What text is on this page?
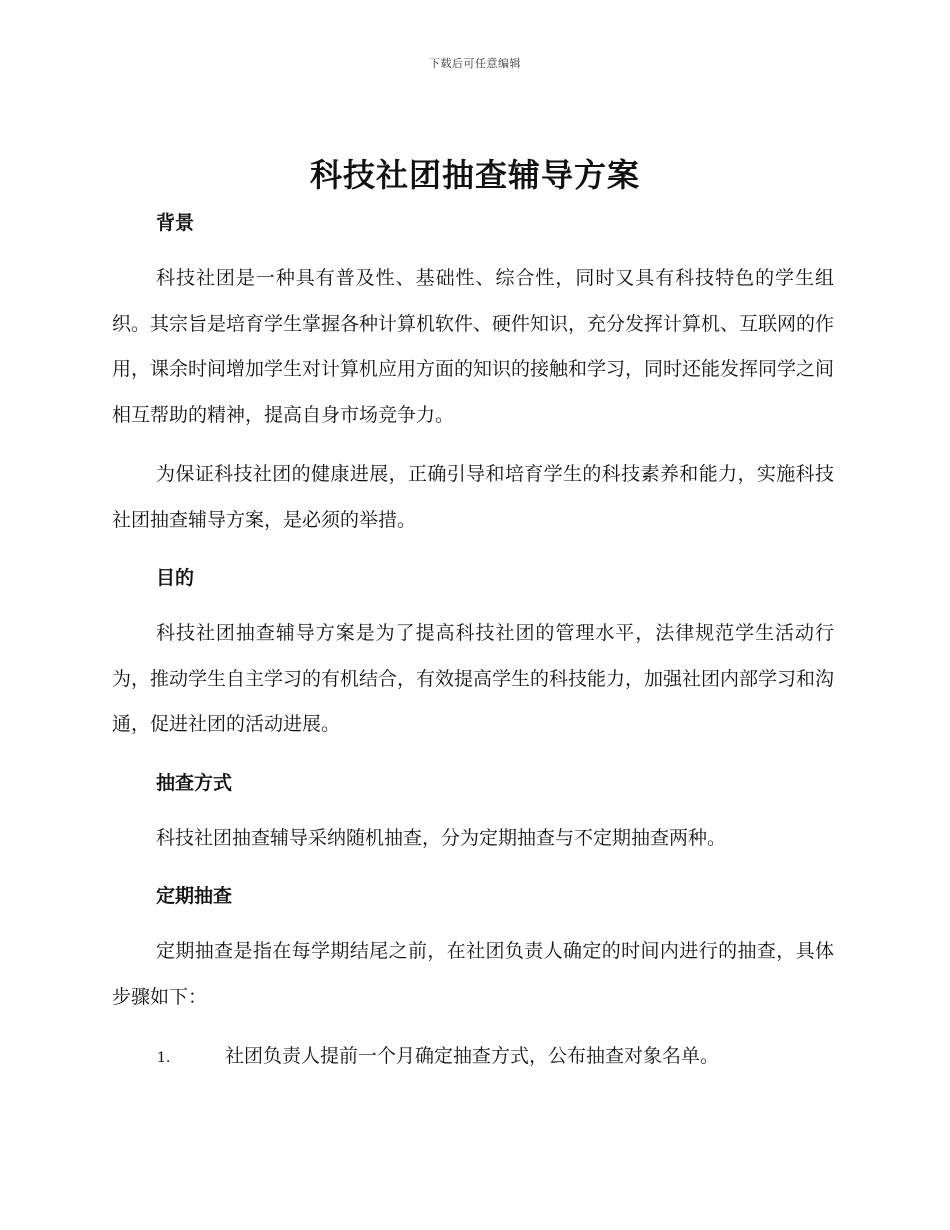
下载后可任意编辑
科技社团抽查辅导方案
背景

科技社团是一种具有普及性、基础性、综合性，同时又具有科技特色的学生组织。其宗旨是培育学生掌握各种计算机软件、硬件知识，充分发挥计算机、互联网的作用，课余时间增加学生对计算机应用方面的知识的接触和学习，同时还能发挥同学之间相互帮助的精神，提高自身市场竞争力。

为保证科技社团的健康进展，正确引导和培育学生的科技素养和能力，实施科技社团抽查辅导方案，是必须的举措。

目的

科技社团抽查辅导方案是为了提高科技社团的管理水平，法律规范学生活动行为，推动学生自主学习的有机结合，有效提高学生的科技能力，加强社团内部学习和沟通，促进社团的活动进展。

抽查方式

科技社团抽查辅导采纳随机抽查，分为定期抽查与不定期抽查两种。

定期抽查

定期抽查是指在每学期结尾之前，在社团负责人确定的时间内进行的抽查，具体步骤如下：

1.	社团负责人提前一个月确定抽查方式，公布抽查对象名单。
